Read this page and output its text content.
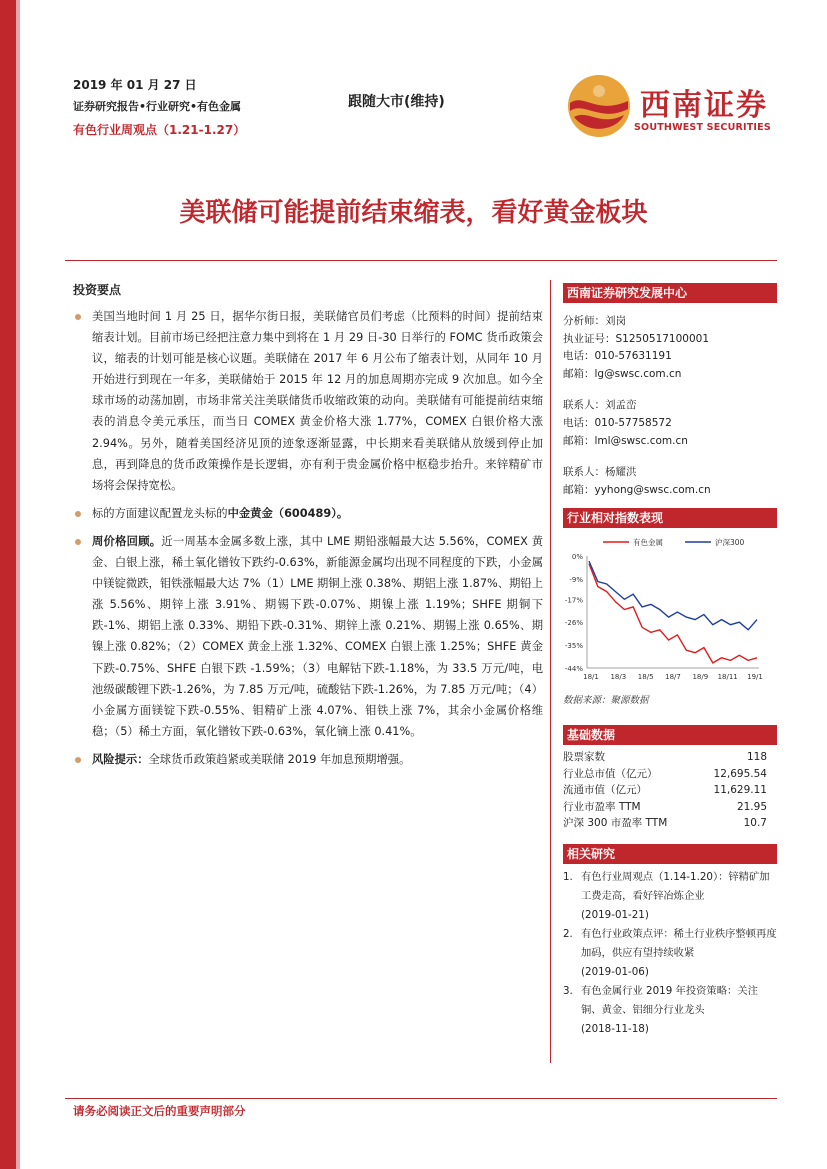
2019 年 01 月 27 日
证券研究报告•行业研究•有色金属
有色行业周观点（1.21-1.27）
跟随大市(维持)	西南证券
SOUTHWEST SECURITIES
美联储可能提前结束缩表，看好黄金板块
投资要点
美国当地时间 1 月 25 日，据华尔街日报，美联储官员们考虑（比预料的时间）提前结束缩表计划。目前市场已经把注意力集中到将在 1 月 29 日-30 日举行的 FOMC 货币政策会议，缩表的计划可能是核心议题。美联储在 2017 年 6 月公布了缩表计划，从同年 10 月开始进行到现在一年多，美联储始于 2015 年 12 月的加息周期亦完成 9 次加息。如今全球市场的动荡加剧，市场非常关注美联储货币收缩政策的动向。美联储有可能提前结束缩表的消息令美元承压，而当日 COMEX 黄金价格大涨 1.77%，COMEX 白银价格大涨 2.94%。另外，随着美国经济见顶的迹象逐渐显露，中长期来看美联储从放缓到停止加息，再到降息的货币政策操作是长逻辑，亦有利于贵金属价格中枢稳步抬升。来锌精矿市场将会保持宽松。
标的方面建议配置龙头标的中金黄金（600489）。
周价格回顾。近一周基本金属多数上涨，其中 LME 期铅涨幅最大达 5.56%，COMEX 黄金、白银上涨，稀土氧化镨钕下跌约-0.63%，新能源金属均出现不同程度的下跌，小金属中镁锭微跌，钼铁涨幅最大达 7%（1）LME 期铜上涨 0.38%、期铝上涨 1.87%、期铅上涨 5.56%、期锌上涨 3.91%、期锡下跌-0.07%、期镍上涨 1.19%；SHFE 期铜下跌-1%、期铝上涨 0.33%、期铅下跌-0.31%、期锌上涨 0.21%、期锡上涨 0.65%、期镍上涨 0.82%；（2）COMEX 黄金上涨 1.32%、COMEX 白银上涨 1.25%；SHFE 黄金下跌-0.75%、SHFE 白银下跌 -1.59%；（3）电解钴下跌-1.18%，为 33.5 万元/吨，电池级碳酸锂下跌-1.26%，为 7.85 万元/吨，硫酸钴下跌-1.26%，为 7.85 万元/吨；（4）小金属方面镁锭下跌-0.55%、钼精矿上涨 4.07%、钼铁上涨 7%，其余小金属价格维稳；（5）稀土方面，氧化镨钕下跌-0.63%，氧化镝上涨 0.41%。
风险提示：全球货币政策趋紧或美联储 2019 年加息预期增强。
西南证券研究发展中心
分析师：刘岗
执业证号：S1250517100001
电话：010-57631191
邮箱：lg@swsc.com.cn
联系人：刘孟峦
电话：010-57758572
邮箱：lml@swsc.com.cn
联系人：杨耀洪
邮箱：yyhong@swsc.com.cn
行业相对指数表现
0%
-9%
-17%
-26%
-35%
-44%
18/1 18/3 18/5 18/7 18/9 18/11 19/1
有色金属	沪深300
数据来源：聚源数据
基础数据
股票家数	118
行业总市值（亿元）	12,695.54
流通市值（亿元）	11,629.11
行业市盈率 TTM	21.95
沪深 300 市盈率 TTM	10.7
相关研究
1. 有色行业周观点（1.14-1.20）：锌精矿加工费走高，看好锌冶炼企业
(2019-01-21)
2. 有色行业政策点评：稀土行业秩序整顿再度加码，供应有望持续收紧
(2019-01-06)
3. 有色金属行业 2019 年投资策略：关注铜、黄金、铝细分行业龙头
(2018-11-18)
请务必阅读正文后的重要声明部分
